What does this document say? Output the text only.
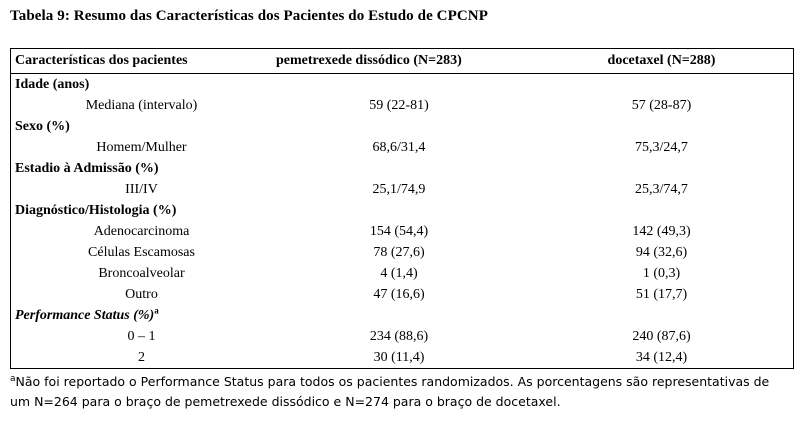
Tabela 9: Resumo das Características dos Pacientes do Estudo de CPCNP
Características dos pacientes	pemetrexede dissódico (N=283)	docetaxel (N=288)
Idade (anos)
Mediana (intervalo)	59 (22-81)	57 (28-87)
Sexo (%)
Homem/Mulher	68,6/31,4	75,3/24,7
Estadio à Admissão (%)
III/IV	25,1/74,9	25,3/74,7
Diagnóstico/Histologia (%)
Adenocarcinoma	154 (54,4)	142 (49,3)
Células Escamosas	78 (27,6)	94 (32,6)
Broncoalveolar	4 (1,4)	1 (0,3)
Outro	47 (16,6)	51 (17,7)
Performance Status (%)$^a$
0 – 1	234 (88,6)	240 (87,6)
2	30 (11,4)	34 (12,4)
$^a$Não foi reportado o Performance Status para todos os pacientes randomizados. As porcentagens são representativas de um N=264 para o braço de pemetrexede dissódico e N=274 para o braço de docetaxel.
